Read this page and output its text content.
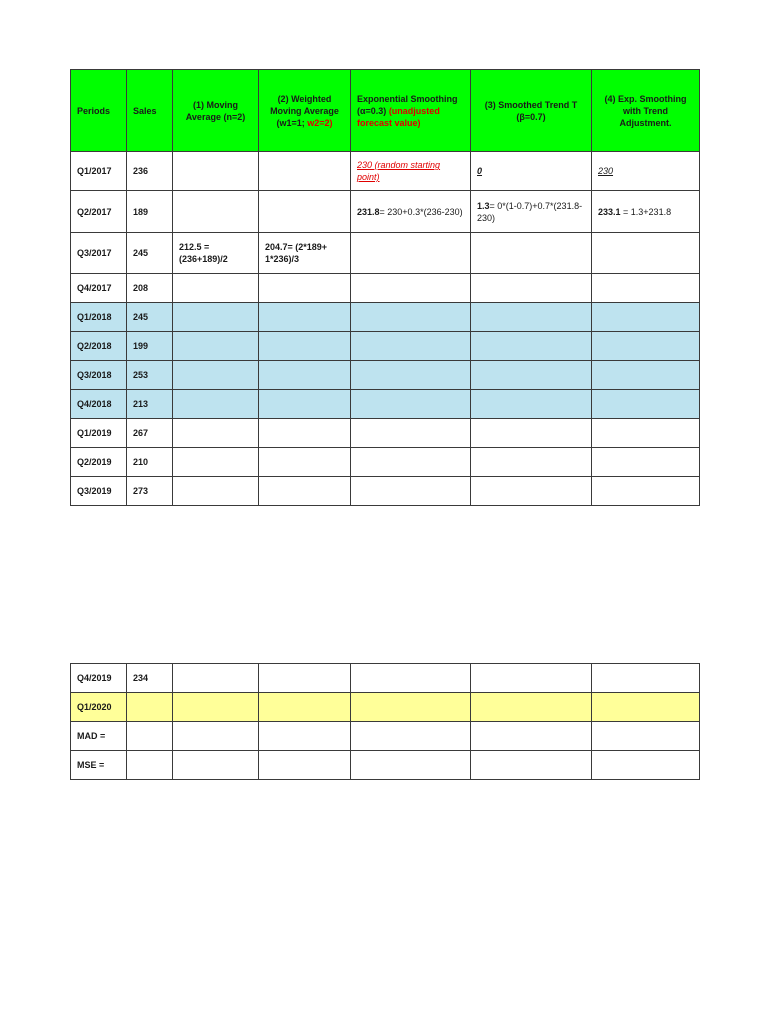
Periods	Sales	(1) Moving Average (n=2)	(2) Weighted Moving Average (w1=1; w2=2)	Exponential Smoothing (α=0.3) (unadjusted forecast value)	(3) Smoothed Trend T (β=0.7)	(4) Exp. Smoothing with Trend Adjustment.
Q1/2017	236			230 (random starting point)	0	230
Q2/2017	189			231.8= 230+0.3*(236-230)	1.3= 0*(1-0.7)+0.7*(231.8-230)	233.1 = 1.3+231.8
Q3/2017	245	212.5 = (236+189)/2	204.7= (2*189+ 1*236)/3			
Q4/2017	208					
Q1/2018	245					
Q2/2018	199					
Q3/2018	253					
Q4/2018	213					
Q1/2019	267					
Q2/2019	210					
Q3/2019	273					
Q4/2019	234					
Q1/2020						
MAD =						
MSE =						
